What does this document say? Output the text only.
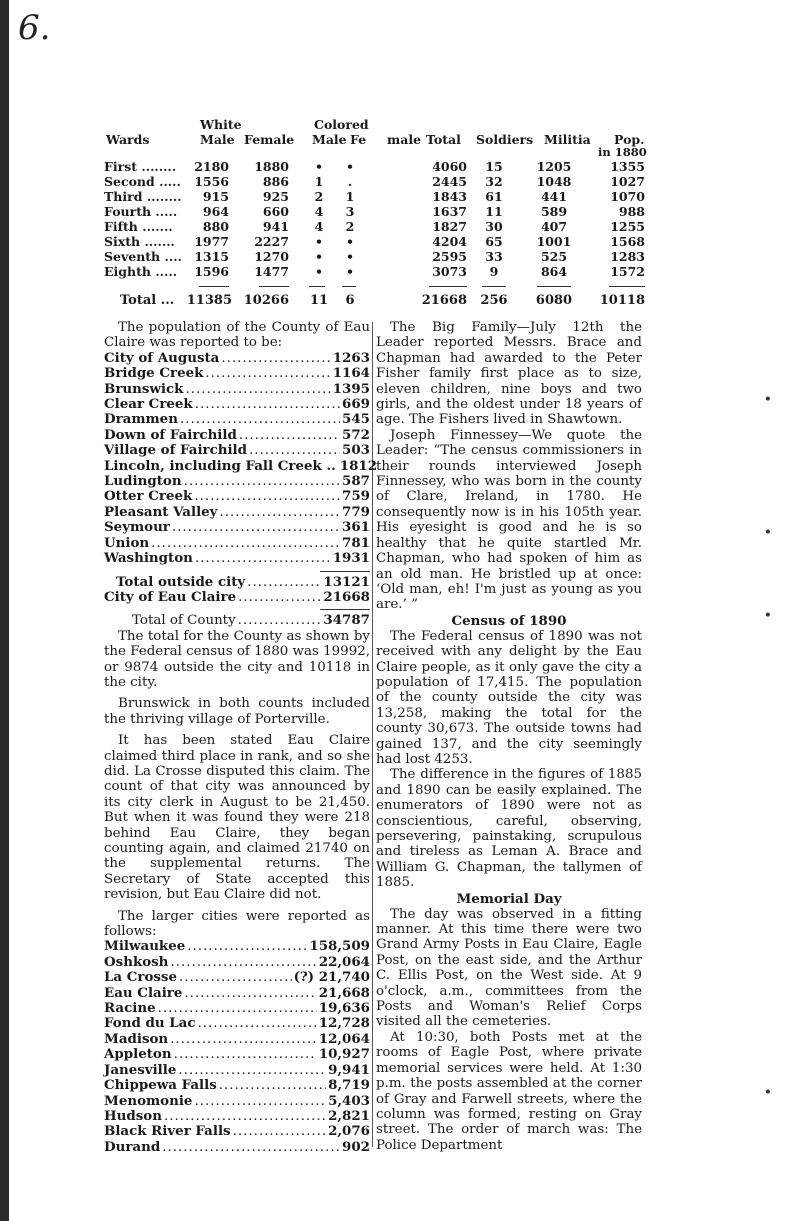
6.
•
•
•
•
White	Colored
Wards	Male Female Male Fe male Total Soldiers Militia Pop.
in 1880
First ........	2180	1880	•	•	4060	15	1205	1355
Second .....	1556	886	1	.	2445	32	1048	1027
Third ........	915	925	2	1	1843	61	441	1070
Fourth .....	964	660	4	3	1637	11	589	988
Fifth .......	880	941	4	2	1827	30	407	1255
Sixth .......	1977	2227	•	•	4204	65	1001	1568
Seventh .... 1315	1270	•	•	2595	33	525	1283
Eighth .....	1596	1477	•	•	3073	9	864	1572
Total ... 11385 10266 11	6	21668	256	6080	10118

The population of the County of Eau Claire was reported to be:

City of Augusta .....	1263
Bridge Creek .....	1164
Brunswick .....	1395
Clear Creek .....	669
Drammen .....	545
Down of Fairchild .....	572
Village of Fairchild .....	503
Lincoln, including Fall Creek .. 1812
Ludington .....	587
Otter Creek .....	759
Pleasant Valley .....	779
Seymour .....	361
Union .....	781
Washington .....	1931
Total outside city .....	13121
City of Eau Claire .....	21668
Total of County .....	34787

The total for the County as shown by the Federal census of 1880 was 19992, or 9874 outside the city and 10118 in the city.

Brunswick in both counts included the thriving village of Porterville.

It has been stated Eau Claire claimed third place in rank, and so she did. La Crosse disputed this claim. The count of that city was announced by its city clerk in August to be 21,450. But when it was found they were 218 behind Eau Claire, they began counting again, and claimed 21740 on the supplemental returns. The Secretary of State accepted this revision, but Eau Claire did not.

The larger cities were reported as follows:

Milwaukee .....	158,509
Oshkosh .....	22,064
La Crosse .....	(?) 21,740
Eau Claire .....	21,668
Racine .....	19,636
Fond du Lac .....	12,728
Madison .....	12,064
Appleton .....	10,927
Janesville .....	9,941
Chippewa Falls .....	8,719
Menomonie .....	5,403
Hudson .....	2,821
Black River Falls .....	2,076
Durand .....	902

The Big Family—July 12th the Leader reported Messrs. Brace and Chapman had awarded to the Peter Fisher family first place as to size, eleven children, nine boys and two girls, and the oldest under 18 years of age. The Fishers lived in Shawtown.

Joseph Finnessey—We quote the Leader: “The census commissioners in their rounds interviewed Joseph Finnessey, who was born in the county of Clare, Ireland, in 1780. He consequently now is in his 105th year. His eyesight is good and he is so healthy that he quite startled Mr. Chapman, who had spoken of him as an old man. He bristled up at once: ‘Old man, eh! I'm just as young as you are.’ ”

Census of 1890

The Federal census of 1890 was not received with any delight by the Eau Claire people, as it only gave the city a population of 17,415. The population of the county outside the city was 13,258, making the total for the county 30,673. The outside towns had gained 137, and the city seemingly had lost 4253.

The difference in the figures of 1885 and 1890 can be easily explained. The enumerators of 1890 were not as conscientious, careful, observing, persevering, painstaking, scrupulous and tireless as Leman A. Brace and William G. Chapman, the tallymen of 1885.

Memorial Day

The day was observed in a fitting manner. At this time there were two Grand Army Posts in Eau Claire, Eagle Post, on the east side, and the Arthur C. Ellis Post, on the West side. At 9 o'clock, a.m., committees from the Posts and Woman's Relief Corps visited all the cemeteries.

At 10:30, both Posts met at the rooms of Eagle Post, where private memorial services were held. At 1:30 p.m. the posts assembled at the corner of Gray and Farwell streets, where the column was formed, resting on Gray street. The order of march was: The Police Department
